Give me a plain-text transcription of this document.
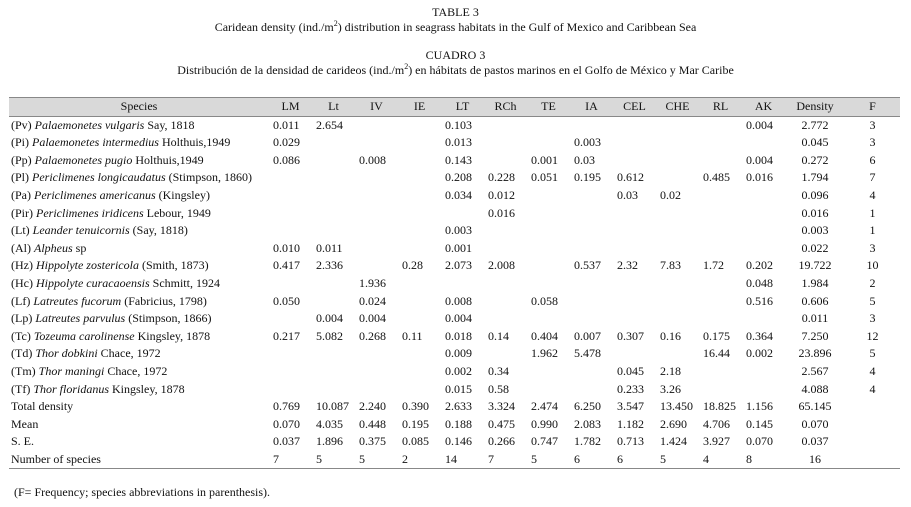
TABLE 3
Caridean density $(ind./m^2)$ distribution in seagrass habitats in the Gulf of Mexico and Caribbean Sea
CUADRO 3
Distribución de la densidad de carideos $(ind./m^2)$ en hábitats de pastos marinos en el Golfo de México y Mar Caribe
Species	LM	Lt	IV	IE	LT	RCh	TE	IA	CEL	CHE	RL	AK	Density	F
(Pv) Palaemonetes vulgaris Say, 1818	0.011	2.654			0.103							0.004	2.772	3
(Pi) Palaemonetes intermedius Holthuis,1949	0.029				0.013			0.003					0.045	3
(Pp) Palaemonetes pugio Holthuis,1949	0.086		0.008		0.143		0.001	0.03				0.004	0.272	6
(Pl) Periclimenes longicaudatus (Stimpson, 1860)					0.208	0.228	0.051	0.195	0.612		0.485	0.016	1.794	7
(Pa) Periclimenes americanus (Kingsley)					0.034	0.012			0.03	0.02			0.096	4
(Pir) Periclimenes iridicens Lebour, 1949						0.016							0.016	1
(Lt) Leander tenuicornis (Say, 1818)					0.003								0.003	1
(Al) Alpheus sp	0.010	0.011			0.001								0.022	3
(Hz) Hippolyte zostericola (Smith, 1873)	0.417	2.336		0.28	2.073	2.008		0.537	2.32	7.83	1.72	0.202	19.722	10
(Hc) Hippolyte curacaoensis Schmitt, 1924			1.936									0.048	1.984	2
(Lf) Latreutes fucorum (Fabricius, 1798)	0.050		0.024		0.008		0.058					0.516	0.606	5
(Lp) Latreutes parvulus (Stimpson, 1866)		0.004	0.004		0.004								0.011	3
(Tc) Tozeuma carolinense Kingsley, 1878	0.217	5.082	0.268	0.11	0.018	0.14	0.404	0.007	0.307	0.16	0.175	0.364	7.250	12
(Td) Thor dobkini Chace, 1972					0.009		1.962	5.478			16.44	0.002	23.896	5
(Tm) Thor maningi Chace, 1972					0.002	0.34			0.045	2.18			2.567	4
(Tf) Thor floridanus Kingsley, 1878					0.015	0.58			0.233	3.26			4.088	4
Total density	0.769	10.087	2.240	0.390	2.633	3.324	2.474	6.250	3.547	13.450	18.825	1.156	65.145	
Mean	0.070	4.035	0.448	0.195	0.188	0.475	0.990	2.083	1.182	2.690	4.706	0.145	0.070	
S. E.	0.037	1.896	0.375	0.085	0.146	0.266	0.747	1.782	0.713	1.424	3.927	0.070	0.037	
Number of species	7	5	5	2	14	7	5	6	6	5	4	8	16	
(F= Frequency; species abbreviations in parenthesis).
